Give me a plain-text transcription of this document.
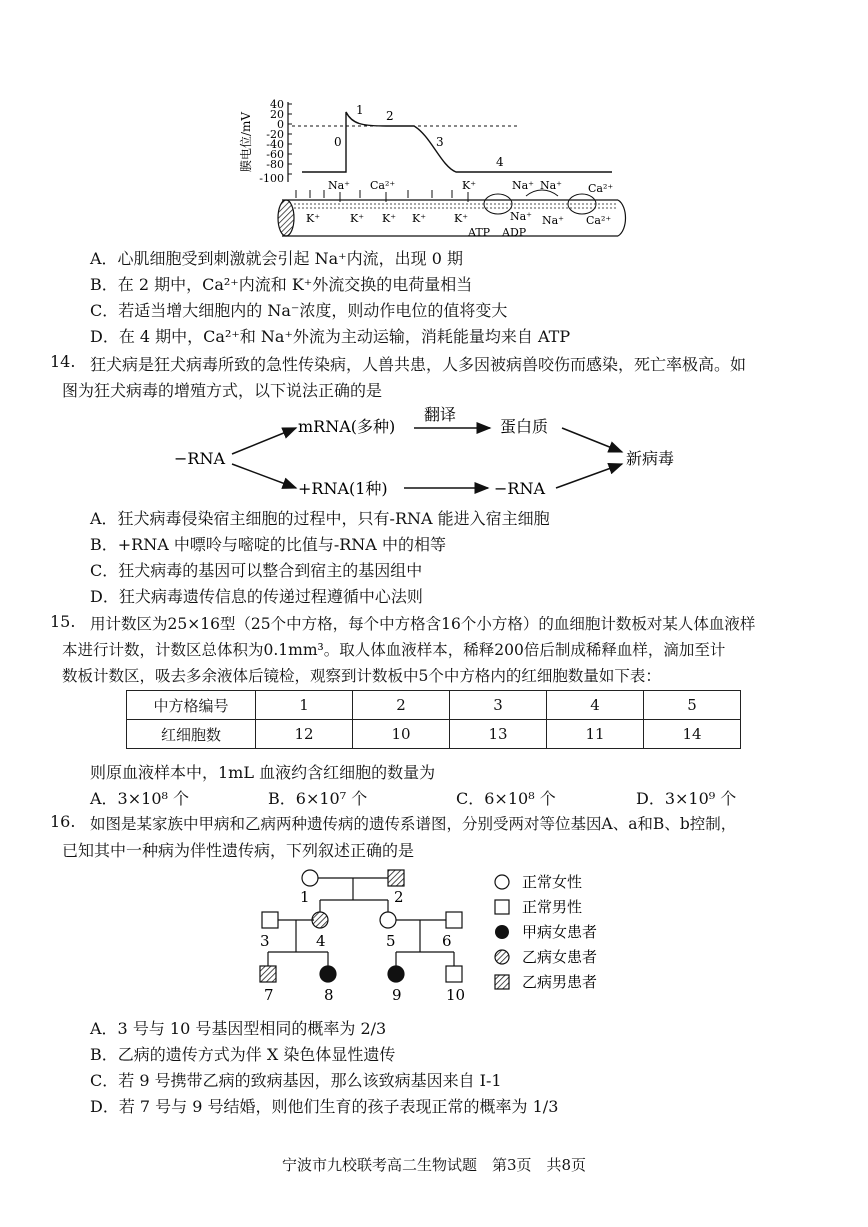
膜电位/mV
40
20
0
-20
-40
-60
-80
-100
0
1 2
3
4
Na⁺ Ca²⁺	K⁺	Na⁺ Na⁺ Ca²⁺
K⁺	K⁺ K⁺ K⁺	K⁺	Na⁺ Na⁺ Ca²⁺
ATP ADP
A．心肌细胞受到刺激就会引起 Na⁺内流，出现 0 期
B．在 2 期中，Ca²⁺内流和 K⁺外流交换的电荷量相当
C．若适当增大细胞内的 Na⁻浓度，则动作电位的值将变大
D．在 4 期中，Ca²⁺和 Na⁺外流为主动运输，消耗能量均来自 ATP
14. 狂犬病是狂犬病毒所致的急性传染病，人兽共患，人多因被病兽咬伤而感染，死亡率极高。如
图为狂犬病毒的增殖方式，以下说法正确的是
−RNA
mRNA(多种)
翻译
蛋白质
+RNA(1种)	−RNA
新病毒
A．狂犬病毒侵染宿主细胞的过程中，只有-RNA 能进入宿主细胞
B．+RNA 中嘌呤与嘧啶的比值与-RNA 中的相等
C．狂犬病毒的基因可以整合到宿主的基因组中
D．狂犬病毒遗传信息的传递过程遵循中心法则
15. 用计数区为25×16型（25个中方格，每个中方格含16个小方格）的血细胞计数板对某人体血液样
本进行计数，计数区总体积为0.1mm³。取人体血液样本，稀释200倍后制成稀释血样，滴加至计
数板计数区，吸去多余液体后镜检，观察到计数板中5个中方格内的红细胞数量如下表：
中方格编号	1	2	3	4	5
红细胞数	12	10	13	11	14
则原血液样本中，1mL 血液约含红细胞的数量为
A．3×10⁸ 个	B．6×10⁷ 个	C．6×10⁸ 个	D．3×10⁹ 个
16. 如图是某家族中甲病和乙病两种遗传病的遗传系谱图，分别受两对等位基因A、a和B、b控制，
已知其中一种病为伴性遗传病，下列叙述正确的是
1	2
3	4	5	6
7	8	9	10
正常女性
正常男性
甲病女患者
乙病女患者
乙病男患者
A．3 号与 10 号基因型相同的概率为 2/3
B．乙病的遗传方式为伴 X 染色体显性遗传
C．若 9 号携带乙病的致病基因，那么该致病基因来自 I-1
D．若 7 号与 9 号结婚，则他们生育的孩子表现正常的概率为 1/3
宁波市九校联考高二生物试题　第3页　共8页
